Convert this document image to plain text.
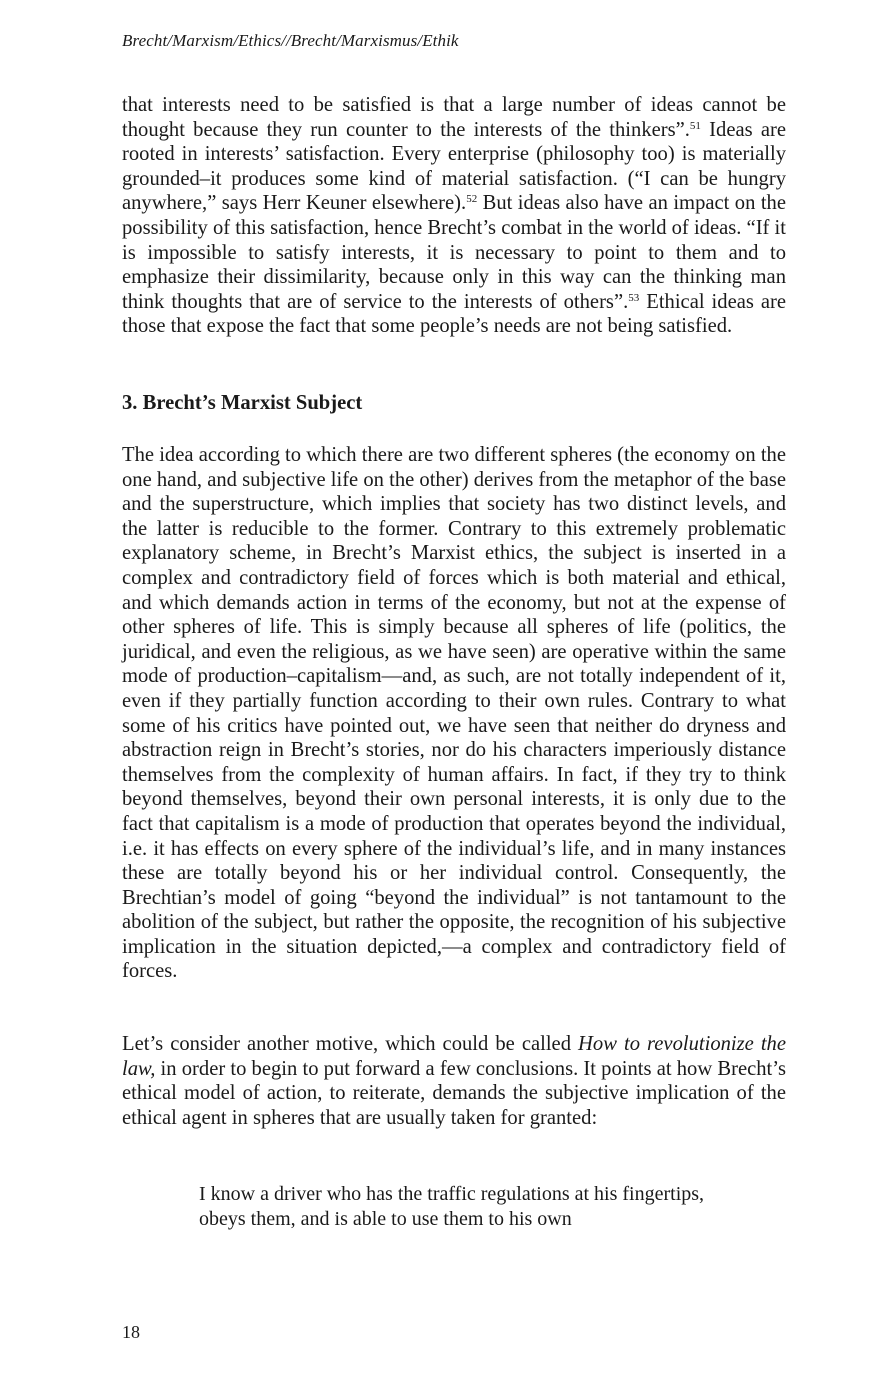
Brecht/Marxism/Ethics//Brecht/Marxismus/Ethik

that interests need to be satisfied is that a large number of ideas cannot be thought because they run counter to the interests of the thinkers”.$^{51}$ Ideas are rooted in interests’ satisfaction. Every enterprise (philosophy too) is materially grounded–it produces some kind of material satisfaction. (“I can be hungry anywhere,” says Herr Keuner elsewhere).$^{52}$ But ideas also have an impact on the possibility of this satisfaction, hence Brecht’s combat in the world of ideas. “If it is impossible to satisfy interests, it is necessary to point to them and to emphasize their dissimilarity, because only in this way can the thinking man think thoughts that are of service to the interests of others”.$^{53}$ Ethical ideas are those that expose the fact that some people’s needs are not being satisfied.

3. Brecht’s Marxist Subject

The idea according to which there are two different spheres (the economy on the one hand, and subjective life on the other) derives from the metaphor of the base and the superstructure, which implies that society has two distinct levels, and the latter is reducible to the former. Contrary to this extremely problematic explanatory scheme, in Brecht’s Marxist ethics, the subject is inserted in a complex and contradictory field of forces which is both material and ethical, and which demands action in terms of the economy, but not at the expense of other spheres of life. This is simply because all spheres of life (politics, the juridical, and even the religious, as we have seen) are operative within the same mode of production–capitalism—and, as such, are not totally independent of it, even if they partially function according to their own rules. Contrary to what some of his critics have pointed out, we have seen that neither do dryness and abstraction reign in Brecht’s stories, nor do his characters imperiously distance themselves from the complexity of human affairs. In fact, if they try to think beyond themselves, beyond their own personal interests, it is only due to the fact that capitalism is a mode of production that operates beyond the individual, i.e. it has effects on every sphere of the individual’s life, and in many instances these are totally beyond his or her individual control. Consequently, the Brechtian’s model of going “beyond the individual” is not tantamount to the abolition of the subject, but rather the opposite, the recognition of his subjective implication in the situation depicted,—a complex and contradictory field of forces.

Let’s consider another motive, which could be called How to revolutionize the law, in order to begin to put forward a few conclusions. It points at how Brecht’s ethical model of action, to reiterate, demands the subjective implication of the ethical agent in spheres that are usually taken for granted:

I know a driver who has the traffic regulations at his fingertips, obeys them, and is able to use them to his own

18
